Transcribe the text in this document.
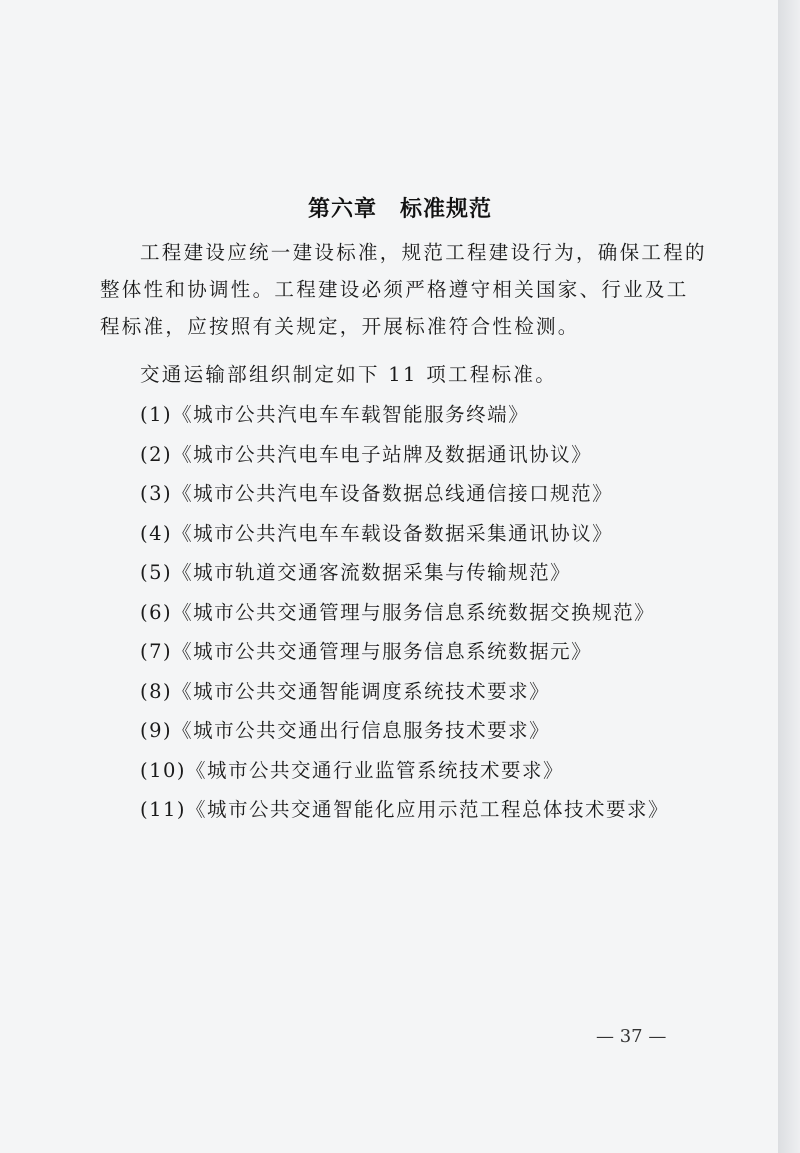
第六章　标准规范

工程建设应统一建设标准，规范工程建设行为，确保工程的整体性和协调性。工程建设必须严格遵守相关国家、行业及工程标准，应按照有关规定，开展标准符合性检测。

交通运输部组织制定如下 11 项工程标准。

(1)《城市公共汽电车车载智能服务终端》
(2)《城市公共汽电车电子站牌及数据通讯协议》
(3)《城市公共汽电车设备数据总线通信接口规范》
(4)《城市公共汽电车车载设备数据采集通讯协议》
(5)《城市轨道交通客流数据采集与传输规范》
(6)《城市公共交通管理与服务信息系统数据交换规范》
(7)《城市公共交通管理与服务信息系统数据元》
(8)《城市公共交通智能调度系统技术要求》
(9)《城市公共交通出行信息服务技术要求》
(10)《城市公共交通行业监管系统技术要求》
(11)《城市公共交通智能化应用示范工程总体技术要求》
— 37 —
